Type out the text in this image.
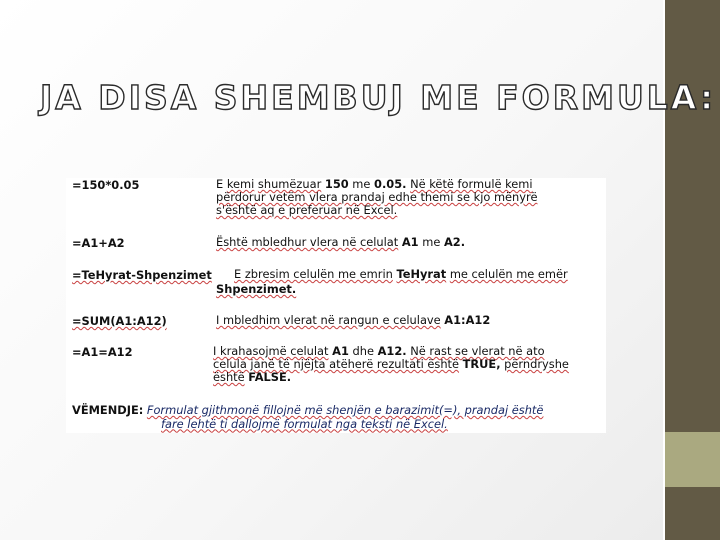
JA DISA SHEMBUJ ME FORMULA:
=150*0.05	E kemi shumëzuar 150 me 0.05. Në këtë formulë kemi
përdorur vetëm vlera prandaj edhe themi se kjo mënyrë
s'është aq e preferuar në Excel.
=A1+A2	Është mbledhur vlera në celulat A1 me A2.
=TeHyrat-Shpenzimet E zbresim celulën me emrin TeHyrat me celulën me emër
Shpenzimet.
=SUM(A1:A12)	I mbledhim vlerat në rangun e celulave A1:A12
=A1=A12	I krahasojmë celulat A1 dhe A12. Në rast se vlerat në ato
celula janë të njëjta atëherë rezultati është TRUE, përndryshe
është FALSE.
VËMENDJE: Formulat gjithmonë fillojnë më shenjën e barazimit(=), prandaj është

fare lehtë ti dallojmë formulat nga teksti në Excel.
